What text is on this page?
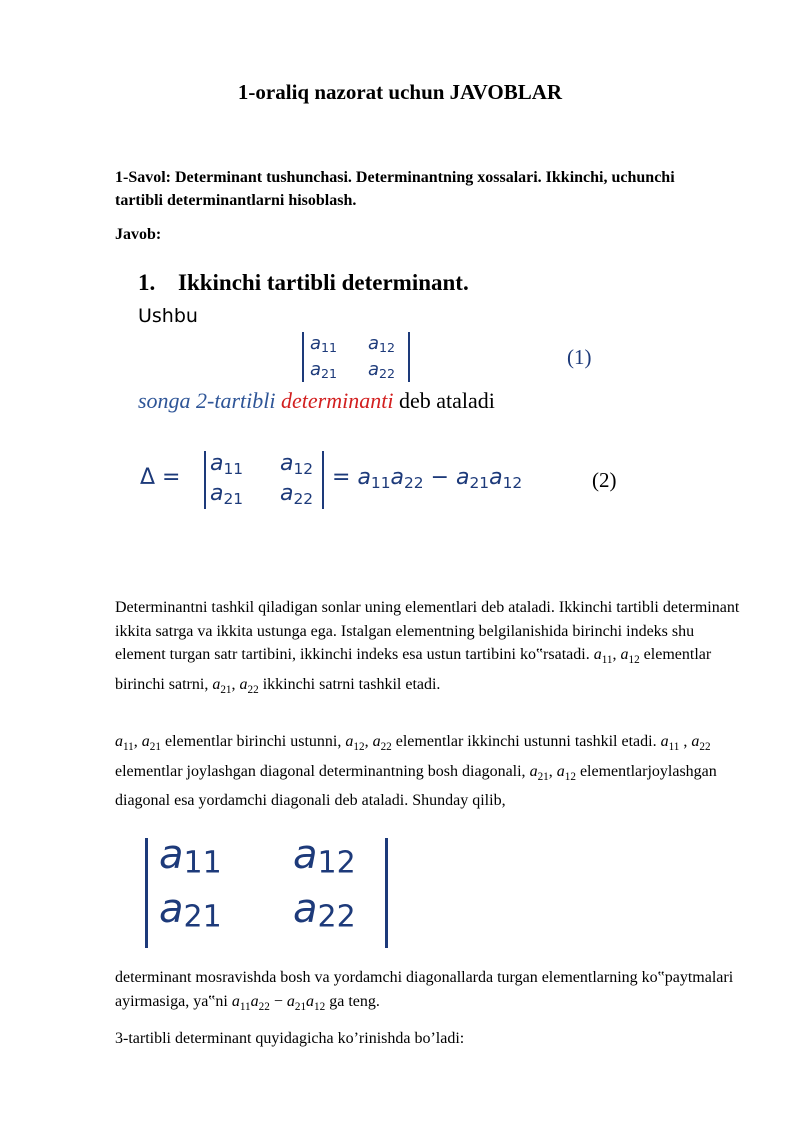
1-oraliq nazorat uchun JAVOBLAR
1-Savol: Determinant tushunchasi. Determinantning xossalari. Ikkinchi, uchunchi tartibli determinantlarni hisoblash.
Javob:
1. Ikkinchi tartibli determinant.
Ushbu
$a_{11}$ $a_{12}$
$a_{21}$ $a_{22}$
(1)
songa 2-tartibli determinanti deb ataladi
Δ =
$a_{11}$ $a_{12}$
$a_{21}$ $a_{22}$
= $a_{11}a_{22} - a_{21}a_{12}$	(2)
Determinantni tashkil qiladigan sonlar uning elementlari deb ataladi. Ikkinchi tartibli determinant ikkita satrga va ikkita ustunga ega. Istalgan elementning belgilanishida birinchi indeks shu element turgan satr tartibini, ikkinchi indeks esa ustun tartibini ko‟rsatadi. $a_{11}$, $a_{12}$ elementlar birinchi satrni, $a_{21}$, $a_{22}$ ikkinchi satrni tashkil etadi.
$a_{11}$, $a_{21}$ elementlar birinchi ustunni, $a_{12}$, $a_{22}$ elementlar ikkinchi ustunni tashkil etadi. $a_{11}$ , $a_{22}$ elementlar joylashgan diagonal determinantning bosh diagonali, $a_{21}$, $a_{12}$ elementlarjoylashgan diagonal esa yordamchi diagonali deb ataladi. Shunday qilib,
$a_{11}$ $a_{12}$
$a_{21}$ $a_{22}$
determinant mosravishda bosh va yordamchi diagonallarda turgan elementlarning ko‟paytmalari ayirmasiga, ya‟ni $a_{11}a_{22} - a_{21}a_{12}$ ga teng.
3-tartibli determinant quyidagicha ko’rinishda bo’ladi:
